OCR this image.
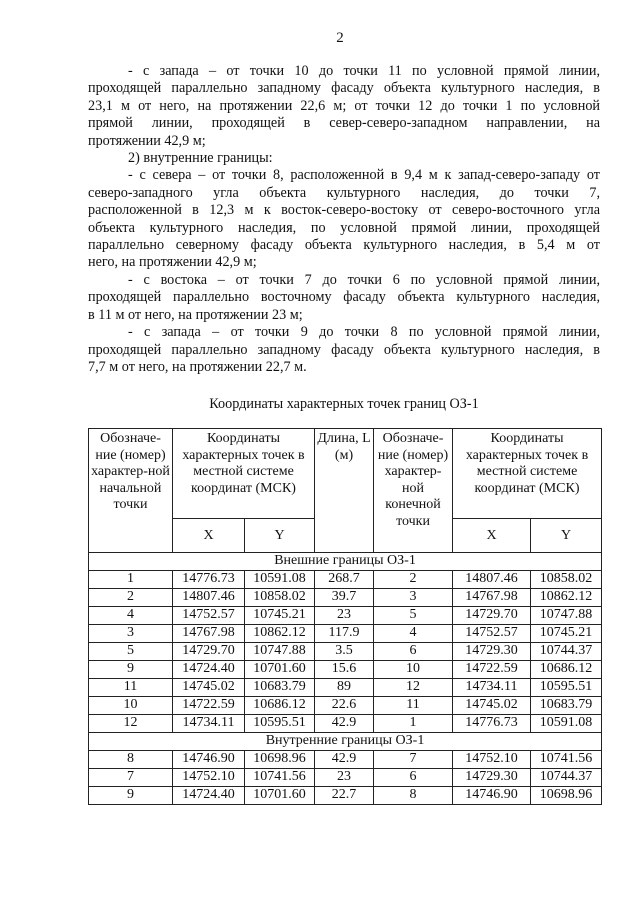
2
- с запада – от точки 10 до точки 11 по условной прямой линии,
проходящей параллельно западному фасаду объекта культурного наследия, в
23,1 м от него, на протяжении 22,6 м; от точки 12 до точки 1 по условной
прямой линии, проходящей в север-северо-западном направлении, на
протяжении 42,9 м;
2) внутренние границы:
- с севера – от точки 8, расположенной в 9,4 м к запад-северо-западу от
северо-западного угла объекта культурного наследия, до точки 7,
расположенной в 12,3 м к восток-северо-востоку от северо-восточного угла
объекта культурного наследия, по условной прямой линии, проходящей
параллельно северному фасаду объекта культурного наследия, в 5,4 м от
него, на протяжении 42,9 м;
- с востока – от точки 7 до точки 6 по условной прямой линии,
проходящей параллельно восточному фасаду объекта культурного наследия,
в 11 м от него, на протяжении 23 м;
- с запада – от точки 9 до точки 8 по условной прямой линии,
проходящей параллельно западному фасаду объекта культурного наследия, в
7,7 м от него, на протяжении 22,7 м.
Координаты характерных точек границ ОЗ-1
Обозначе-ние (номер) характер-ной начальной точки	Координаты характерных точек в местной системе координат (МСК)		Длина, L (м)	Обозначе-ние (номер) характер-ной конечной точки	Координаты характерных точек в местной системе координат (МСК)	
	X	Y			X	Y
Внешние границы ОЗ-1						
1	14776.73	10591.08	268.7	2	14807.46	10858.02
2	14807.46	10858.02	39.7	3	14767.98	10862.12
4	14752.57	10745.21	23	5	14729.70	10747.88
3	14767.98	10862.12	117.9	4	14752.57	10745.21
5	14729.70	10747.88	3.5	6	14729.30	10744.37
9	14724.40	10701.60	15.6	10	14722.59	10686.12
11	14745.02	10683.79	89	12	14734.11	10595.51
10	14722.59	10686.12	22.6	11	14745.02	10683.79
12	14734.11	10595.51	42.9	1	14776.73	10591.08
Внутренние границы ОЗ-1						
8	14746.90	10698.96	42.9	7	14752.10	10741.56
7	14752.10	10741.56	23	6	14729.30	10744.37
9	14724.40	10701.60	22.7	8	14746.90	10698.96
